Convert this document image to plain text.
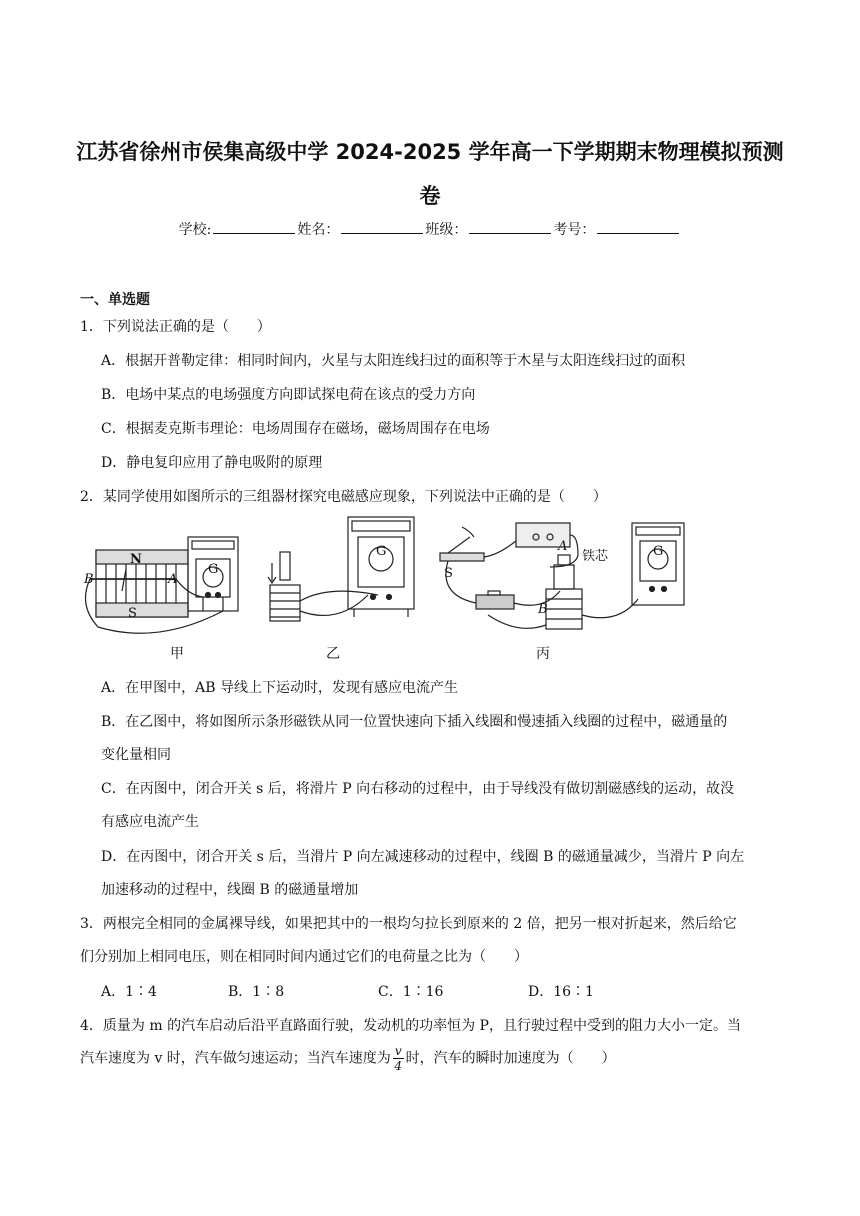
江苏省徐州市侯集高级中学 2024-2025 学年高一下学期期末物理模拟预测
卷
学校:	姓名：	班级：	考号：
一、单选题
1．下列说法正确的是（　　）
A．根据开普勒定律：相同时间内，火星与太阳连线扫过的面积等于木星与太阳连线扫过的面积
B．电场中某点的电场强度方向即试探电荷在该点的受力方向
C．根据麦克斯韦理论：电场周围存在磁场，磁场周围存在电场
D．静电复印应用了静电吸附的原理
2．某同学使用如图所示的三组器材探究电磁感应现象，下列说法中正确的是（　　）
N
S
B	A
G
G
S
A
铁芯
B
G
甲	乙	丙
A．在甲图中，AB 导线上下运动时，发现有感应电流产生
B．在乙图中，将如图所示条形磁铁从同一位置快速向下插入线圈和慢速插入线圈的过程中，磁通量的
变化量相同
C．在丙图中，闭合开关 s 后，将滑片 P 向右移动的过程中，由于导线没有做切割磁感线的运动，故没
有感应电流产生
D．在丙图中，闭合开关 s 后，当滑片 P 向左减速移动的过程中，线圈 B 的磁通量减少，当滑片 P 向左
加速移动的过程中，线圈 B 的磁通量增加
3．两根完全相同的金属裸导线，如果把其中的一根均匀拉长到原来的 2 倍，把另一根对折起来，然后给它
们分别加上相同电压，则在相同时间内通过它们的电荷量之比为（　　）
A．1∶4	B．1∶8	C．1∶16	D．16∶1
4．质量为 m 的汽车启动后沿平直路面行驶，发动机的功率恒为 P，且行驶过程中受到的阻力大小一定。当
汽车速度为 v 时，汽车做匀速运动；当汽车速度为 $\frac{v}{4}$ 时，汽车的瞬时加速度为（　　）
